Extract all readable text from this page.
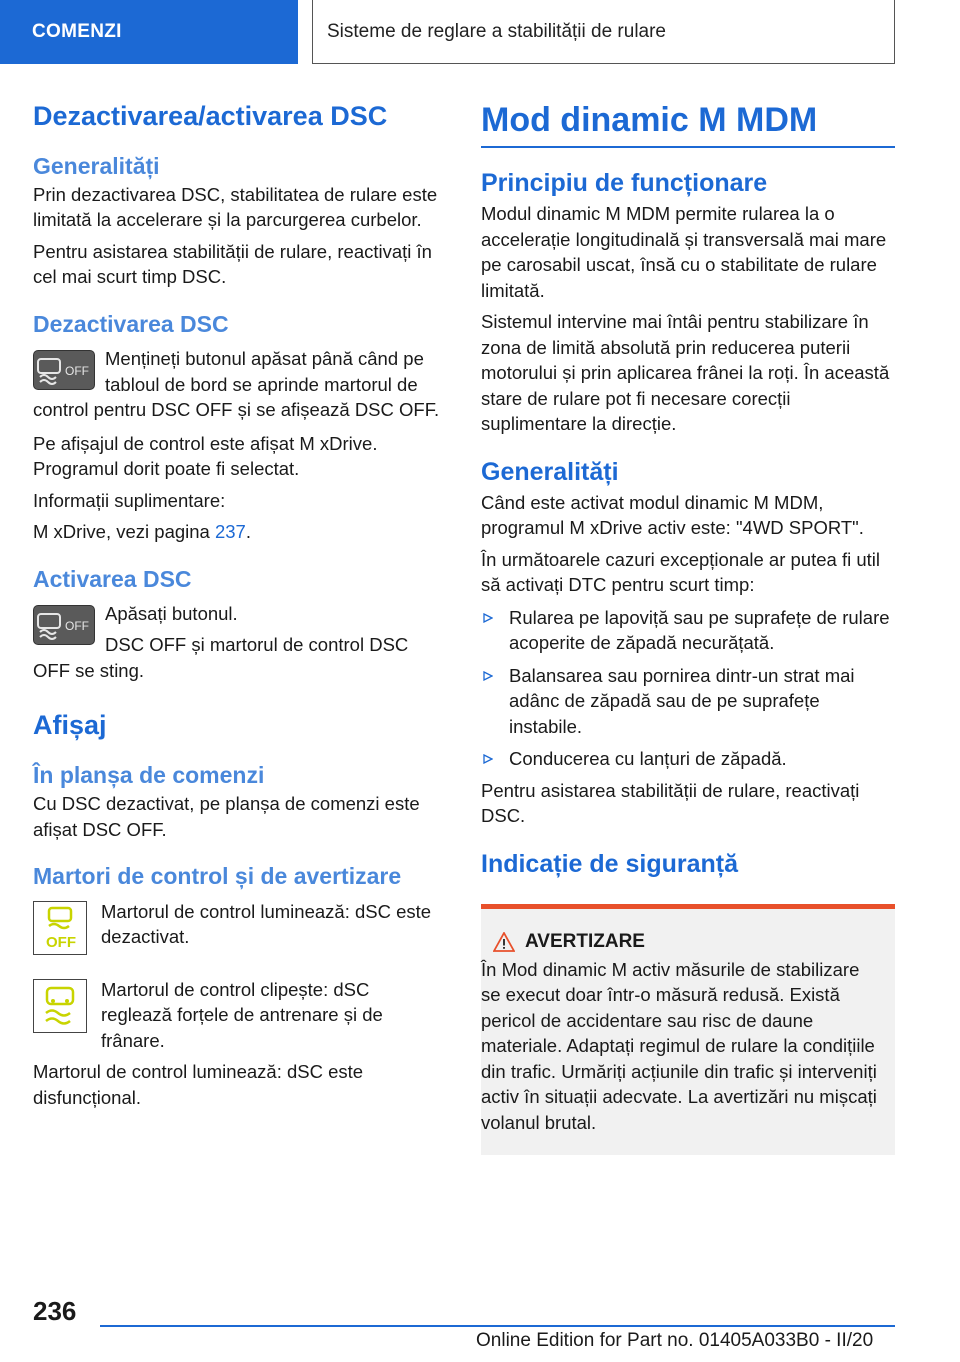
COMENZI	Sisteme de reglare a stabilității de rulare
Dezactivarea/activarea DSC
Generalități

Prin dezactivarea DSC, stabilitatea de rulare este limitată la accelerare și la parcurgerea curbelor.

Pentru asistarea stabilității de rulare, reactivați în cel mai scurt timp DSC.

Dezactivarea DSC
OFF

Mențineți butonul apăsat până când pe tabloul de bord se aprinde martorul de control pentru DSC OFF și se afișează DSC OFF.

Pe afișajul de control este afișat M xDrive. Programul dorit poate fi selectat.

Informații suplimentare:

M xDrive, vezi pagina 237.

Activarea DSC
OFF

Apăsați butonul.

DSC OFF și martorul de control DSC OFF se sting.

Afișaj
În planșa de comenzi

Cu DSC dezactivat, pe planșa de comenzi este afișat DSC OFF.

Martori de control și de avertizare
OFF

Martorul de control luminează: dSC este dezactivat.

Martorul de control clipește: dSC reglează forțele de antrenare și de frânare.

Martorul de control luminează: dSC este disfuncțional.

Mod dinamic M MDM
Principiu de funcționare

Modul dinamic M MDM permite rularea la o accelerație longitudinală și transversală mai mare pe carosabil uscat, însă cu o stabilitate de rulare limitată.

Sistemul intervine mai întâi pentru stabilizare în zona de limită absolută prin reducerea puterii motorului și prin aplicarea frânei la roți. În această stare de rulare pot fi necesare corecții suplimentare la direcție.

Generalități

Când este activat modul dinamic M MDM, programul M xDrive activ este: "4WD SPORT".

În următoarele cazuri excepționale ar putea fi util să activați DTC pentru scurt timp:

Rularea pe lapoviță sau pe suprafețe de rulare acoperite de zăpadă necurățată.
Balansarea sau pornirea dintr-un strat mai adânc de zăpadă sau de pe suprafețe instabile.
Conducerea cu lanțuri de zăpadă.

Pentru asistarea stabilității de rulare, reactivați DSC.

Indicație de siguranță
AVERTIZARE

În Mod dinamic M activ măsurile de stabilizare se execut doar într-o măsură redusă. Există pericol de accidentare sau risc de daune materiale. Adaptați regimul de rulare la condițiile din trafic. Urmăriți acțiunile din trafic și interveniți activ în situații adecvate. La avertizări nu mișcați volanul brutal.

236
Online Edition for Part no. 01405A033B0 - II/20
